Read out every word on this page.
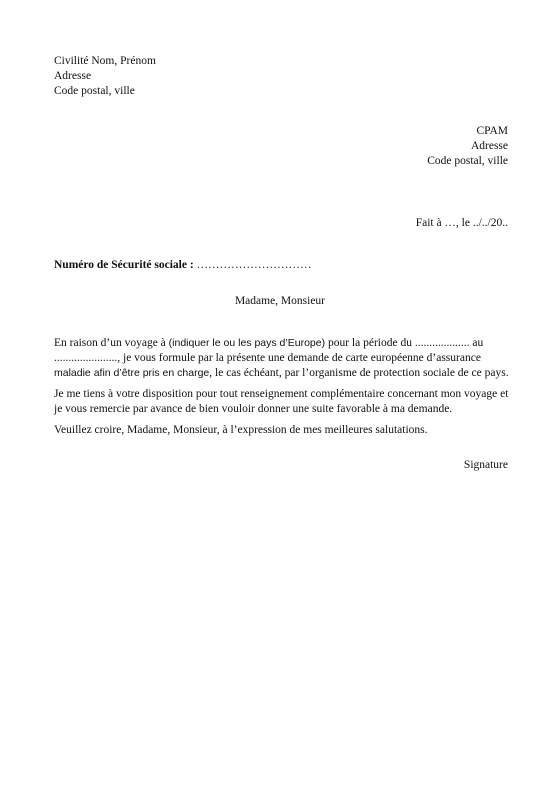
Civilité Nom, Prénom
Adresse
Code postal, ville
CPAM
Adresse
Code postal, ville
Fait à …, le ../../20..
Numéro de Sécurité sociale : …………………………
Madame, Monsieur

En raison d’un voyage à (indiquer le ou les pays d’Europe) pour la période du ................... au ......................, je vous formule par la présente une demande de carte européenne d’assurance maladie afin d’être pris en charge, le cas échéant, par l’organisme de protection sociale de ce pays.

Je me tiens à votre disposition pour tout renseignement complémentaire concernant mon voyage et je vous remercie par avance de bien vouloir donner une suite favorable à ma demande.

Veuillez croire, Madame, Monsieur, à l’expression de mes meilleures salutations.

Signature
